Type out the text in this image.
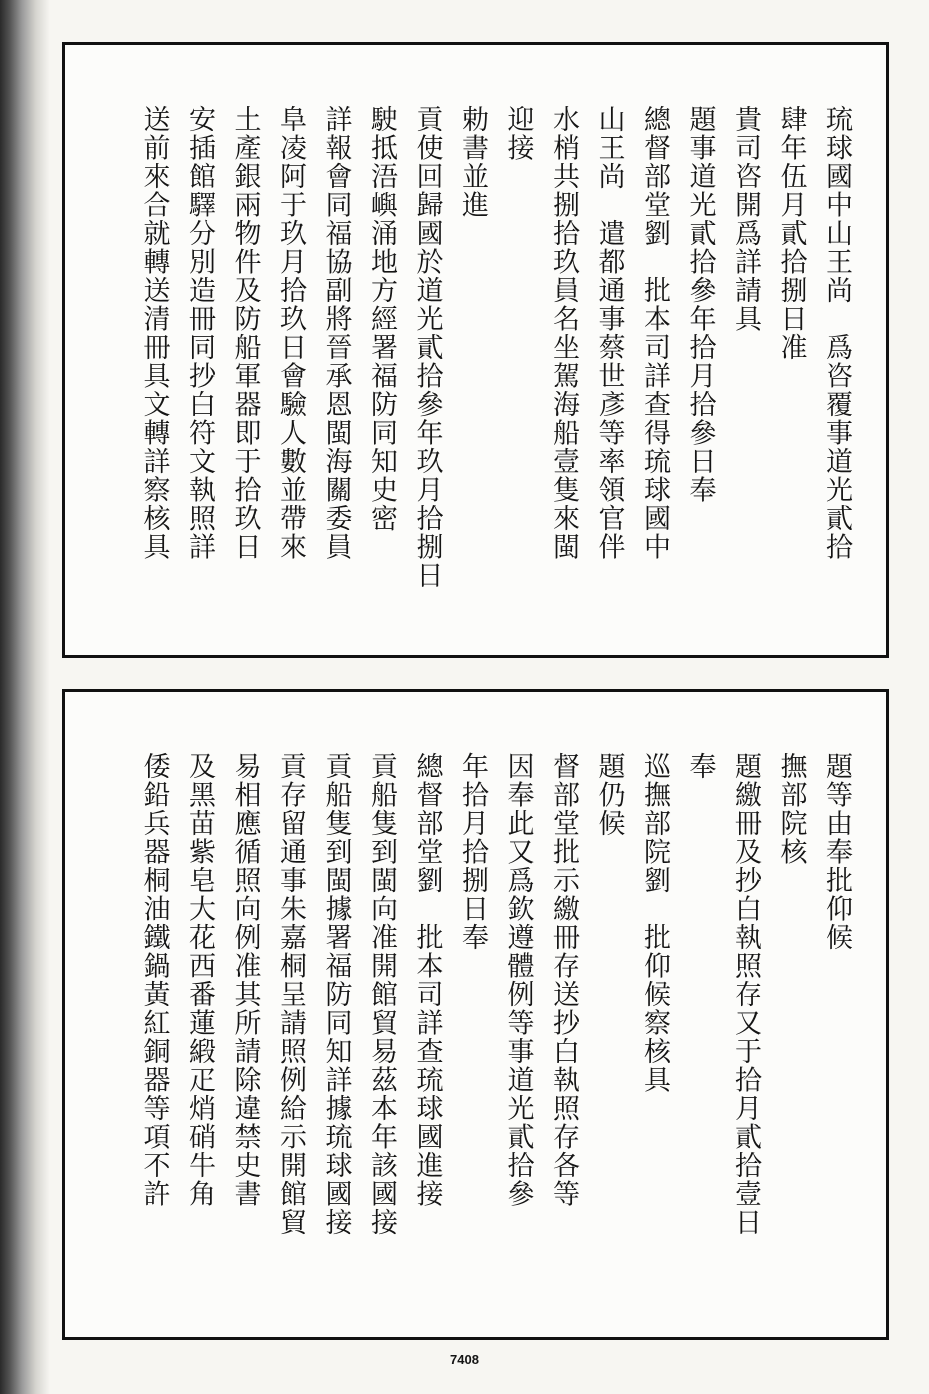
琉球國中山王尚　爲咨覆事道光貳拾
肆年伍月貳拾捌日准
貴司咨開爲詳請具
題事道光貳拾參年拾月拾參日奉
總督部堂劉　批本司詳查得琉球國中
山王尚　遣都通事蔡世彥等率領官伴
水梢共捌拾玖員名坐駕海船壹隻來閩
迎接
勅書並進
貢使回歸國於道光貳拾參年玖月拾捌日
駛抵浯嶼涌地方經署福防同知史密
詳報會同福協副將晉承恩閩海關委員
阜凌阿于玖月拾玖日會驗人數並帶來
土產銀兩物件及防船軍器即于拾玖日
安插館驛分別造冊同抄白符文執照詳
送前來合就轉送清冊具文轉詳察核具
題等由奉批仰候
撫部院核
題繳冊及抄白執照存又于拾月貳拾壹日
奉
巡撫部院劉　批仰候察核具
題仍候
督部堂批示繳冊存送抄白執照存各等
因奉此又爲欽遵體例等事道光貳拾參
年拾月拾捌日奉
總督部堂劉　批本司詳查琉球國進接
貢船隻到閩向准開館貿易茲本年該國接
貢船隻到閩據署福防同知詳據琉球國接
貢存留通事朱嘉桐呈請照例給示開館貿
易相應循照向例准其所請除違禁史書
及黑苗紫皂大花西番蓮緞疋焇硝牛角
倭鉛兵器桐油鐵鍋黃紅銅器等項不許
7408
